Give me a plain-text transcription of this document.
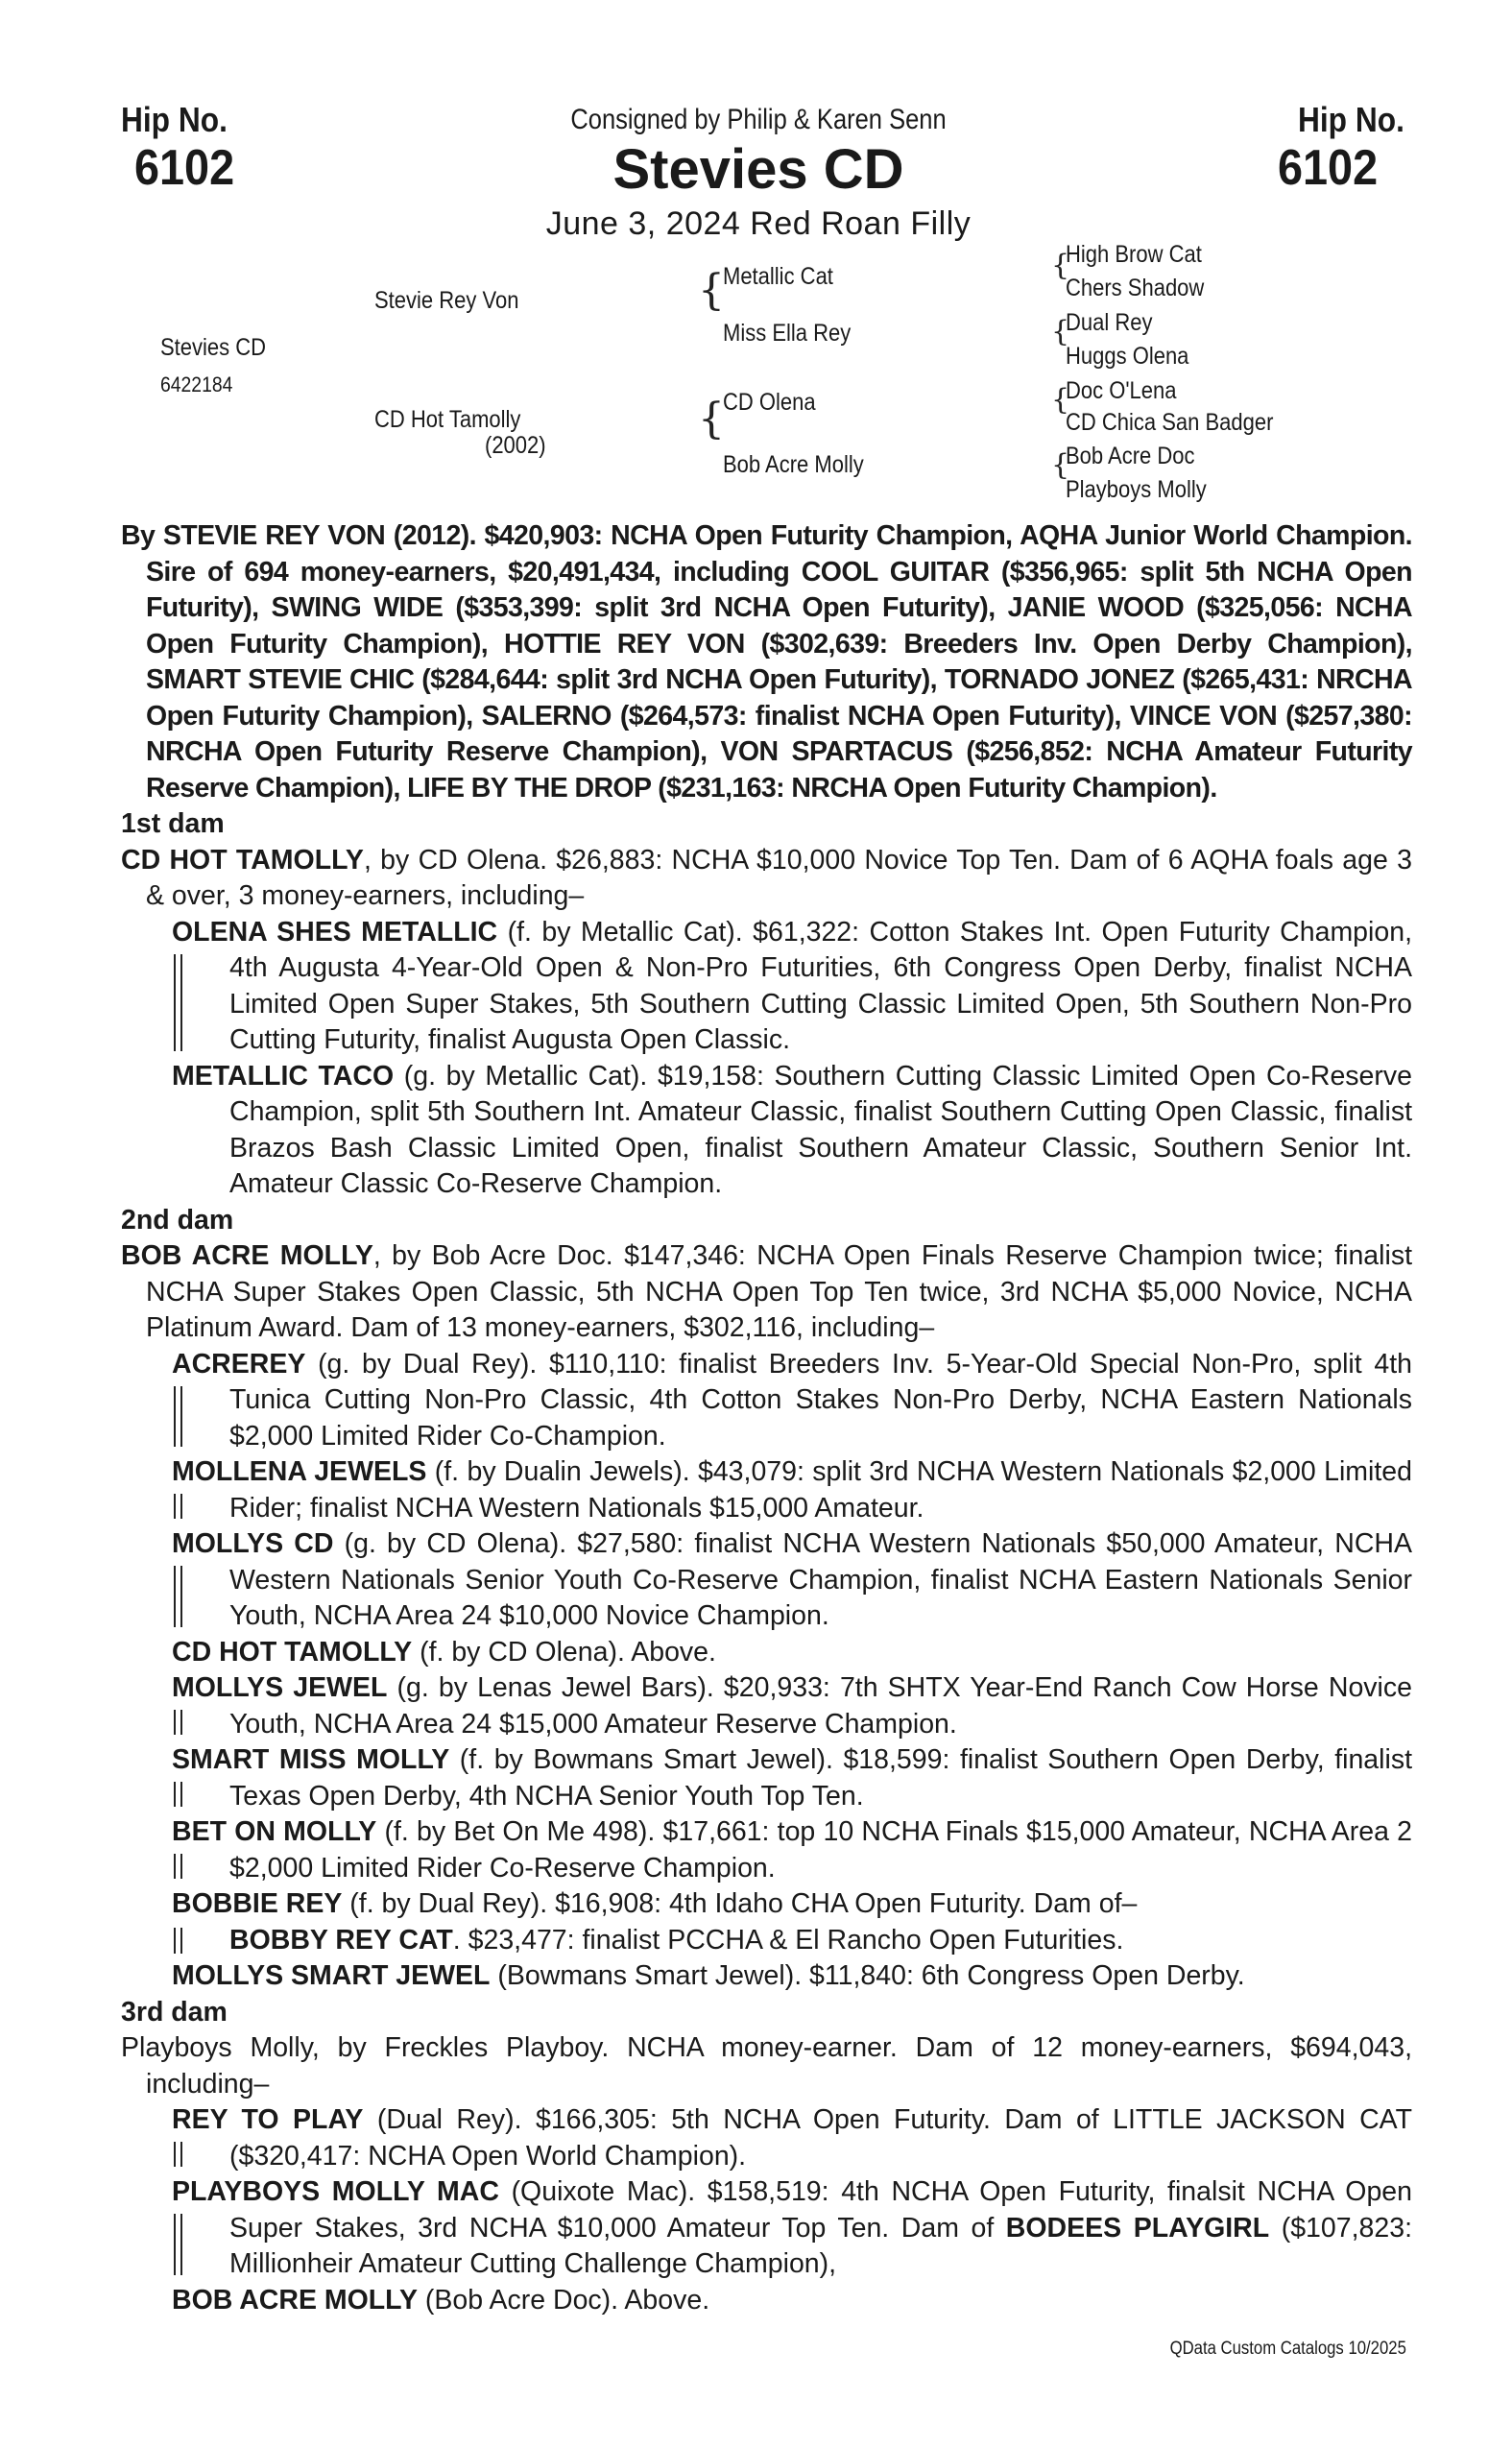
Hip No.
6102
Hip No.
6102
Consigned by Philip & Karen Senn
Stevies CD
June 3, 2024 Red Roan Filly
Stevies CD
6422184
Stevie Rey Von
CD Hot Tamolly
(2002)
{
Metallic Cat
Miss Ella Rey
{
CD Olena
Bob Acre Molly
{
High Brow Cat
Chers Shadow
{
Dual Rey
Huggs Olena
{
Doc O'Lena
CD Chica San Badger
{
Bob Acre Doc
Playboys Molly

By STEVIE REY VON (2012). $420,903: NCHA Open Futurity Champion, AQHA Junior World Champion. Sire of 694 money-earners, $20,491,434, including COOL GUITAR ($356,965: split 5th NCHA Open Futurity), SWING WIDE ($353,399: split 3rd NCHA Open Futurity), JANIE WOOD ($325,056: NCHA Open Futurity Champion), HOTTIE REY VON ($302,639: Breeders Inv. Open Derby Champion), SMART STEVIE CHIC ($284,644: split 3rd NCHA Open Futurity), TORNADO JONEZ ($265,431: NRCHA Open Futurity Champion), SALERNO ($264,573: finalist NCHA Open Futurity), VINCE VON ($257,380: NRCHA Open Futurity Reserve Champion), VON SPARTACUS ($256,852: NCHA Amateur Futurity Reserve Champion), LIFE BY THE DROP ($231,163: NRCHA Open Futurity Champion).

1st dam

CD HOT TAMOLLY, by CD Olena. $26,883: NCHA $10,000 Novice Top Ten. Dam of 6 AQHA foals age 3 & over, 3 money-earners, including–

OLENA SHES METALLIC (f. by Metallic Cat). $61,322: Cotton Stakes Int. Open Futurity Champion, 4th Augusta 4-Year-Old Open & Non-Pro Futurities, 6th Congress Open Derby, finalist NCHA Limited Open Super Stakes, 5th Southern Cutting Classic Limited Open, 5th Southern Non-Pro Cutting Futurity, finalist Augusta Open Classic.

METALLIC TACO (g. by Metallic Cat). $19,158: Southern Cutting Classic Limited Open Co-Reserve Champion, split 5th Southern Int. Amateur Classic, finalist Southern Cutting Open Classic, finalist Brazos Bash Classic Limited Open, finalist Southern Amateur Classic, Southern Senior Int. Amateur Classic Co-Reserve Champion.

2nd dam

BOB ACRE MOLLY, by Bob Acre Doc. $147,346: NCHA Open Finals Reserve Champion twice; finalist NCHA Super Stakes Open Classic, 5th NCHA Open Top Ten twice, 3rd NCHA $5,000 Novice, NCHA Platinum Award. Dam of 13 money-earners, $302,116, including–

ACREREY (g. by Dual Rey). $110,110: finalist Breeders Inv. 5-Year-Old Special Non-Pro, split 4th Tunica Cutting Non-Pro Classic, 4th Cotton Stakes Non-Pro Derby, NCHA Eastern Nationals $2,000 Limited Rider Co-Champion.

MOLLENA JEWELS (f. by Dualin Jewels). $43,079: split 3rd NCHA Western Nationals $2,000 Limited Rider; finalist NCHA Western Nationals $15,000 Amateur.

MOLLYS CD (g. by CD Olena). $27,580: finalist NCHA Western Nationals $50,000 Amateur, NCHA Western Nationals Senior Youth Co-Reserve Champion, finalist NCHA Eastern Nationals Senior Youth, NCHA Area 24 $10,000 Novice Champion.

CD HOT TAMOLLY (f. by CD Olena). Above.

MOLLYS JEWEL (g. by Lenas Jewel Bars). $20,933: 7th SHTX Year-End Ranch Cow Horse Novice Youth, NCHA Area 24 $15,000 Amateur Reserve Champion.

SMART MISS MOLLY (f. by Bowmans Smart Jewel). $18,599: finalist Southern Open Derby, finalist Texas Open Derby, 4th NCHA Senior Youth Top Ten.

BET ON MOLLY (f. by Bet On Me 498). $17,661: top 10 NCHA Finals $15,000 Amateur, NCHA Area 2 $2,000 Limited Rider Co-Reserve Champion.

BOBBIE REY (f. by Dual Rey). $16,908: 4th Idaho CHA Open Futurity. Dam of–

BOBBY REY CAT. $23,477: finalist PCCHA & El Rancho Open Futurities.

MOLLYS SMART JEWEL (Bowmans Smart Jewel). $11,840: 6th Congress Open Derby.

3rd dam

Playboys Molly, by Freckles Playboy. NCHA money-earner. Dam of 12 money-earners, $694,043, including–

REY TO PLAY (Dual Rey). $166,305: 5th NCHA Open Futurity. Dam of LITTLE JACKSON CAT ($320,417: NCHA Open World Champion).

PLAYBOYS MOLLY MAC (Quixote Mac). $158,519: 4th NCHA Open Futurity, finalsit NCHA Open Super Stakes, 3rd NCHA $10,000 Amateur Top Ten. Dam of BODEES PLAYGIRL ($107,823: Millionheir Amateur Cutting Challenge Champion),

BOB ACRE MOLLY (Bob Acre Doc). Above.

QData Custom Catalogs 10/2025
